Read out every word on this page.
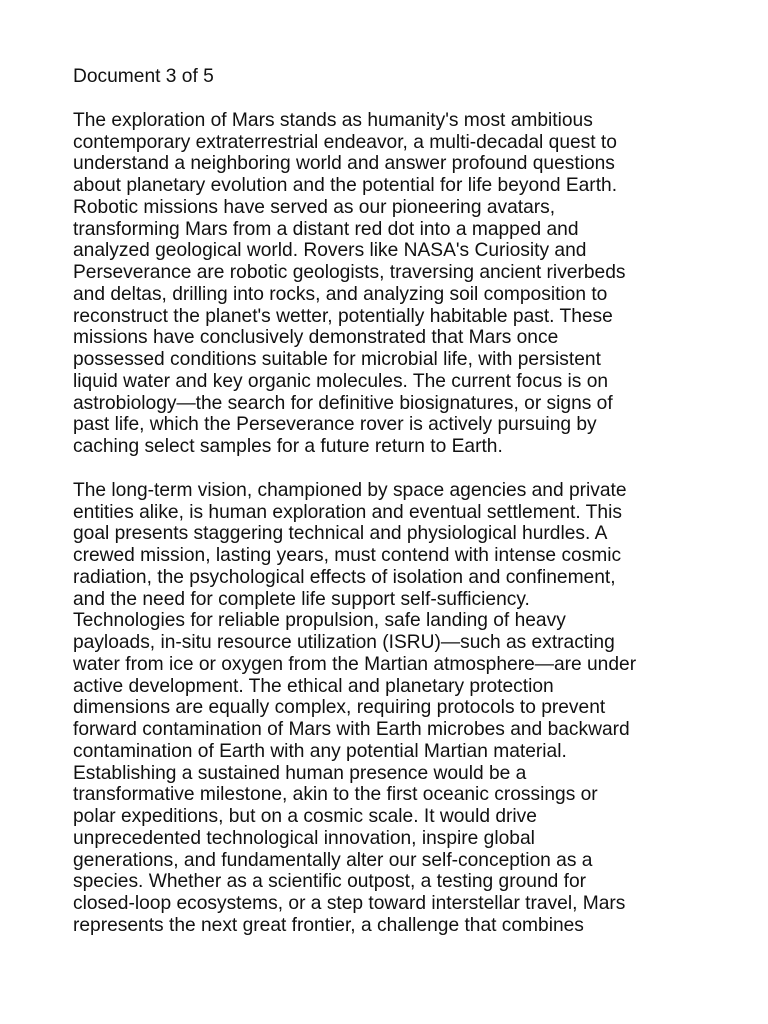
Document 3 of 5
The exploration of Mars stands as humanity's most ambitious
contemporary extraterrestrial endeavor, a multi-decadal quest to
understand a neighboring world and answer profound questions
about planetary evolution and the potential for life beyond Earth.
Robotic missions have served as our pioneering avatars,
transforming Mars from a distant red dot into a mapped and
analyzed geological world. Rovers like NASA's Curiosity and
Perseverance are robotic geologists, traversing ancient riverbeds
and deltas, drilling into rocks, and analyzing soil composition to
reconstruct the planet's wetter, potentially habitable past. These
missions have conclusively demonstrated that Mars once
possessed conditions suitable for microbial life, with persistent
liquid water and key organic molecules. The current focus is on
astrobiology—the search for definitive biosignatures, or signs of
past life, which the Perseverance rover is actively pursuing by
caching select samples for a future return to Earth.
The long-term vision, championed by space agencies and private
entities alike, is human exploration and eventual settlement. This
goal presents staggering technical and physiological hurdles. A
crewed mission, lasting years, must contend with intense cosmic
radiation, the psychological effects of isolation and confinement,
and the need for complete life support self-sufficiency.
Technologies for reliable propulsion, safe landing of heavy
payloads, in-situ resource utilization (ISRU)—such as extracting
water from ice or oxygen from the Martian atmosphere—are under
active development. The ethical and planetary protection
dimensions are equally complex, requiring protocols to prevent
forward contamination of Mars with Earth microbes and backward
contamination of Earth with any potential Martian material.
Establishing a sustained human presence would be a
transformative milestone, akin to the first oceanic crossings or
polar expeditions, but on a cosmic scale. It would drive
unprecedented technological innovation, inspire global
generations, and fundamentally alter our self-conception as a
species. Whether as a scientific outpost, a testing ground for
closed-loop ecosystems, or a step toward interstellar travel, Mars
represents the next great frontier, a challenge that combines
